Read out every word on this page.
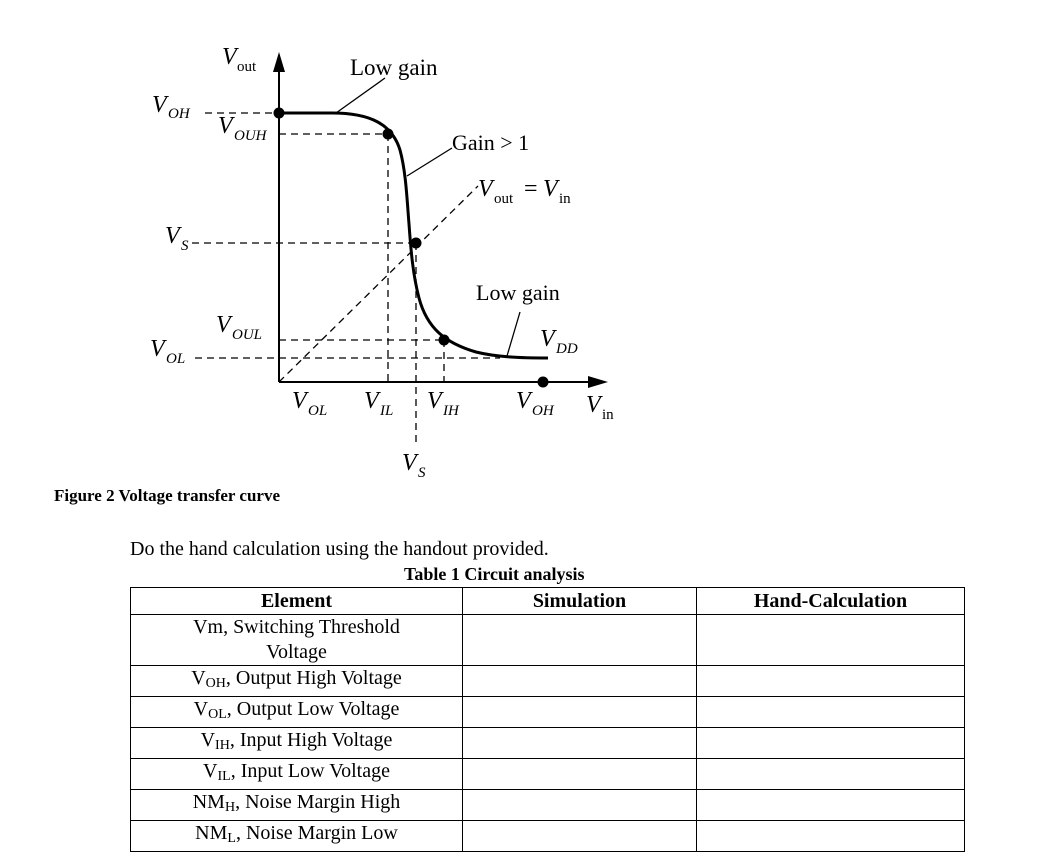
Low gain
Gain > 1
Low gain
V out = V in
V out
V in
V OH V OUH
V S
V OUL
V OL
V OL V IL V IH V OH
V DD
V S

Figure 2 Voltage transfer curve

Do the hand calculation using the handout provided.

Table 1 Circuit analysis

Element	Simulation	Hand-Calculation
Vm, Switching Threshold
Voltage		
VOH, Output High Voltage		
VOL, Output Low Voltage		
VIH, Input High Voltage		
VIL, Input Low Voltage		
NMH, Noise Margin High		
NML, Noise Margin Low		
